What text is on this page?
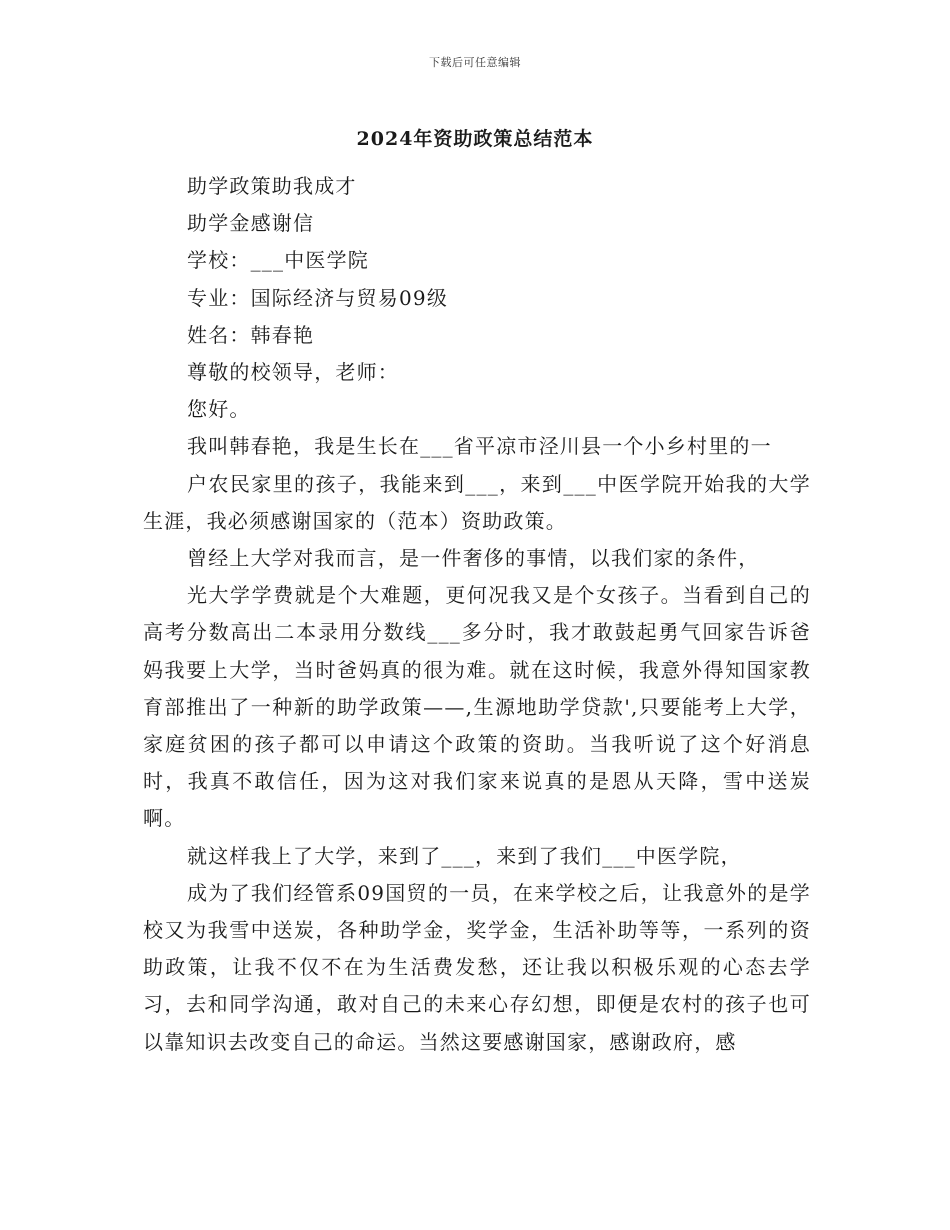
下载后可任意编辑
2024年资助政策总结范本

助学政策助我成才

助学金感谢信

学校：___中医学院

专业：国际经济与贸易09级

姓名：韩春艳

尊敬的校领导，老师：

您好。

我叫韩春艳，我是生长在___省平凉市泾川县一个小乡村里的一

户农民家里的孩子，我能来到___，来到___中医学院开始我的大学生涯，我必须感谢国家的（范本）资助政策。

曾经上大学对我而言，是一件奢侈的事情，以我们家的条件，

光大学学费就是个大难题，更何况我又是个女孩子。当看到自己的高考分数高出二本录用分数线___多分时，我才敢鼓起勇气回家告诉爸妈我要上大学，当时爸妈真的很为难。就在这时候，我意外得知国家教育部推出了一种新的助学政策——,生源地助学贷款',只要能考上大学，家庭贫困的孩子都可以申请这个政策的资助。当我听说了这个好消息时，我真不敢信任，因为这对我们家来说真的是恩从天降，雪中送炭啊。

就这样我上了大学，来到了___，来到了我们___中医学院，

成为了我们经管系09国贸的一员，在来学校之后，让我意外的是学校又为我雪中送炭，各种助学金，奖学金，生活补助等等，一系列的资助政策，让我不仅不在为生活费发愁，还让我以积极乐观的心态去学习，去和同学沟通，敢对自己的未来心存幻想，即便是农村的孩子也可以靠知识去改变自己的命运。当然这要感谢国家，感谢政府，感
